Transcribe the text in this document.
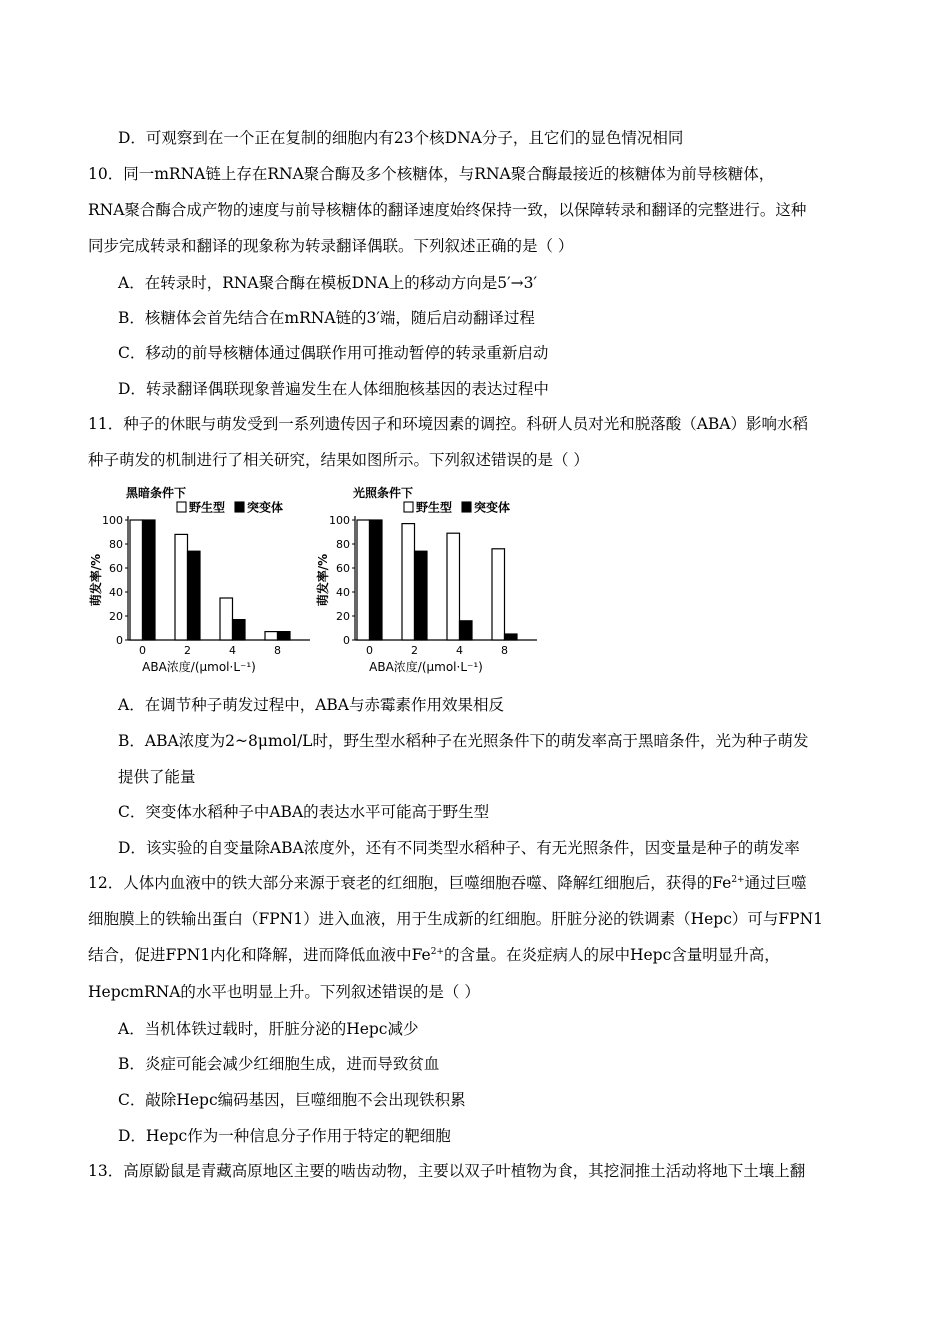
D．可观察到在一个正在复制的细胞内有23个核DNA分子，且它们的显色情况相同
10．同一mRNA链上存在RNA聚合酶及多个核糖体，与RNA聚合酶最接近的核糖体为前导核糖体，
RNA聚合酶合成产物的速度与前导核糖体的翻译速度始终保持一致，以保障转录和翻译的完整进行。这种
同步完成转录和翻译的现象称为转录翻译偶联。下列叙述正确的是（ ）
A．在转录时，RNA聚合酶在模板DNA上的移动方向是5′→3′
B．核糖体会首先结合在mRNA链的3′端，随后启动翻译过程
C．移动的前导核糖体通过偶联作用可推动暂停的转录重新启动
D．转录翻译偶联现象普遍发生在人体细胞核基因的表达过程中
11．种子的休眠与萌发受到一系列遗传因子和环境因素的调控。科研人员对光和脱落酸（ABA）影响水稻
种子萌发的机制进行了相关研究，结果如图所示。下列叙述错误的是（ ）
0
20
40
60
80
100
0	2	4	8
黑暗条件下
野生型 突变体
萌发率/%
ABA浓度/(μmol·L⁻¹)
0
20
40
60
80
100
0	2	4	8
光照条件下
野生型 突变体
萌发率/%
ABA浓度/(μmol·L⁻¹)
A．在调节种子萌发过程中，ABA与赤霉素作用效果相反
B．ABA浓度为2~8μmol/L时，野生型水稻种子在光照条件下的萌发率高于黑暗条件，光为种子萌发
提供了能量
C．突变体水稻种子中ABA的表达水平可能高于野生型
D．该实验的自变量除ABA浓度外，还有不同类型水稻种子、有无光照条件，因变量是种子的萌发率
12．人体内血液中的铁大部分来源于衰老的红细胞，巨噬细胞吞噬、降解红细胞后，获得的$Fe^{2+}$通过巨噬
细胞膜上的铁输出蛋白（FPN1）进入血液，用于生成新的红细胞。肝脏分泌的铁调素（Hepc）可与FPN1
结合，促进FPN1内化和降解，进而降低血液中$Fe^{2+}$的含量。在炎症病人的尿中Hepc含量明显升高，
HepcmRNA的水平也明显上升。下列叙述错误的是（ ）
A．当机体铁过载时，肝脏分泌的Hepc减少
B．炎症可能会减少红细胞生成，进而导致贫血
C．敲除Hepc编码基因，巨噬细胞不会出现铁积累
D．Hepc作为一种信息分子作用于特定的靶细胞
13．高原鼢鼠是青藏高原地区主要的啮齿动物，主要以双子叶植物为食，其挖洞推土活动将地下土壤上翻
